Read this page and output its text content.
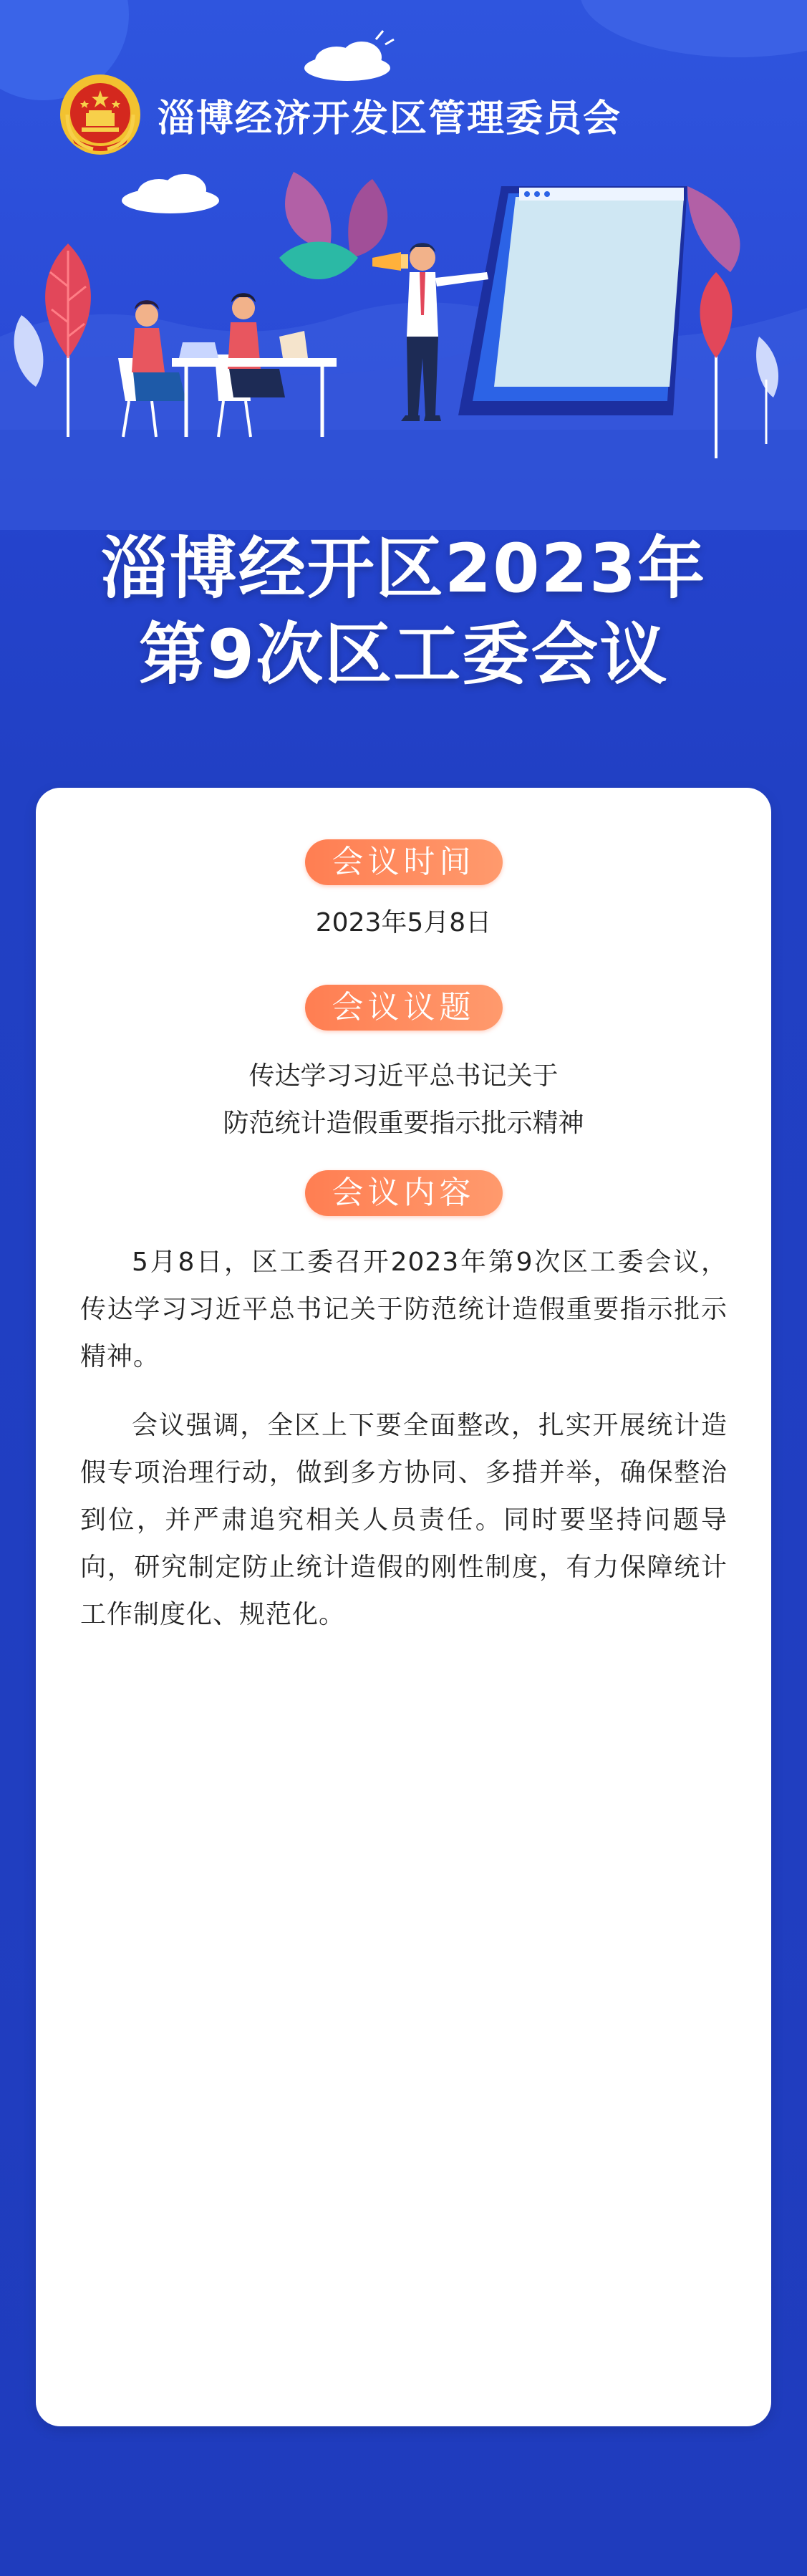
淄博经济开发区管理委员会
淄博经开区2023年
第9次区工委会议
会议时间
2023年5月8日
会议议题
传达学习习近平总书记关于
防范统计造假重要指示批示精神
会议内容

5月8日，区工委召开2023年第9次区工委会议，传达学习习近平总书记关于防范统计造假重要指示批示精神。

会议强调，全区上下要全面整改，扎实开展统计造假专项治理行动，做到多方协同、多措并举，确保整治到位，并严肃追究相关人员责任。同时要坚持问题导向，研究制定防止统计造假的刚性制度，有力保障统计工作制度化、规范化。
